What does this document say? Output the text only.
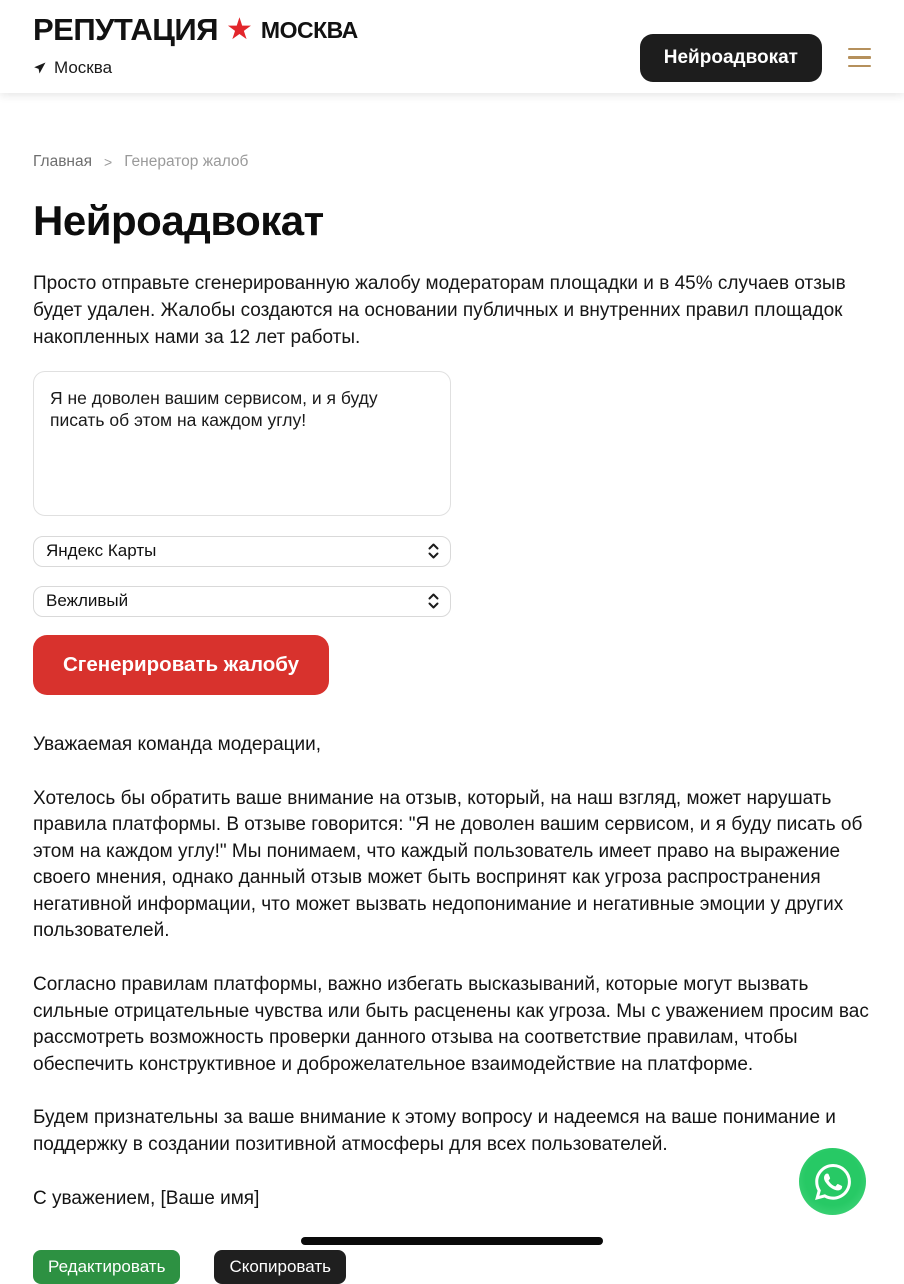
РЕПУТАЦИЯ ★ МОСКВА
Москва	Нейроадвокат
Главная > Генератор жалоб
Нейроадвокат

Просто отправьте сгенерированную жалобу модераторам площадки и в 45% случаев отзыв будет удален. Жалобы создаются на основании публичных и внутренних правил площадок накопленных нами за 12 лет работы.

Я не доволен вашим сервисом, и я буду писать об этом на каждом углу!
Яндекс Карты
Вежливый
Сгенерировать жалобу

Уважаемая команда модерации,

Хотелось бы обратить ваше внимание на отзыв, который, на наш взгляд, может нарушать правила платформы. В отзыве говорится: "Я не доволен вашим сервисом, и я буду писать об этом на каждом углу!" Мы понимаем, что каждый пользователь имеет право на выражение своего мнения, однако данный отзыв может быть воспринят как угроза распространения негативной информации, что может вызвать недопонимание и негативные эмоции у других пользователей.

Согласно правилам платформы, важно избегать высказываний, которые могут вызвать сильные отрицательные чувства или быть расценены как угроза. Мы с уважением просим вас рассмотреть возможность проверки данного отзыва на соответствие правилам, чтобы обеспечить конструктивное и доброжелательное взаимодействие на платформе.

Будем признательны за ваше внимание к этому вопросу и надеемся на ваше понимание и поддержку в создании позитивной атмосферы для всех пользователей.

С уважением, [Ваше имя]

Редактировать	Скопировать
